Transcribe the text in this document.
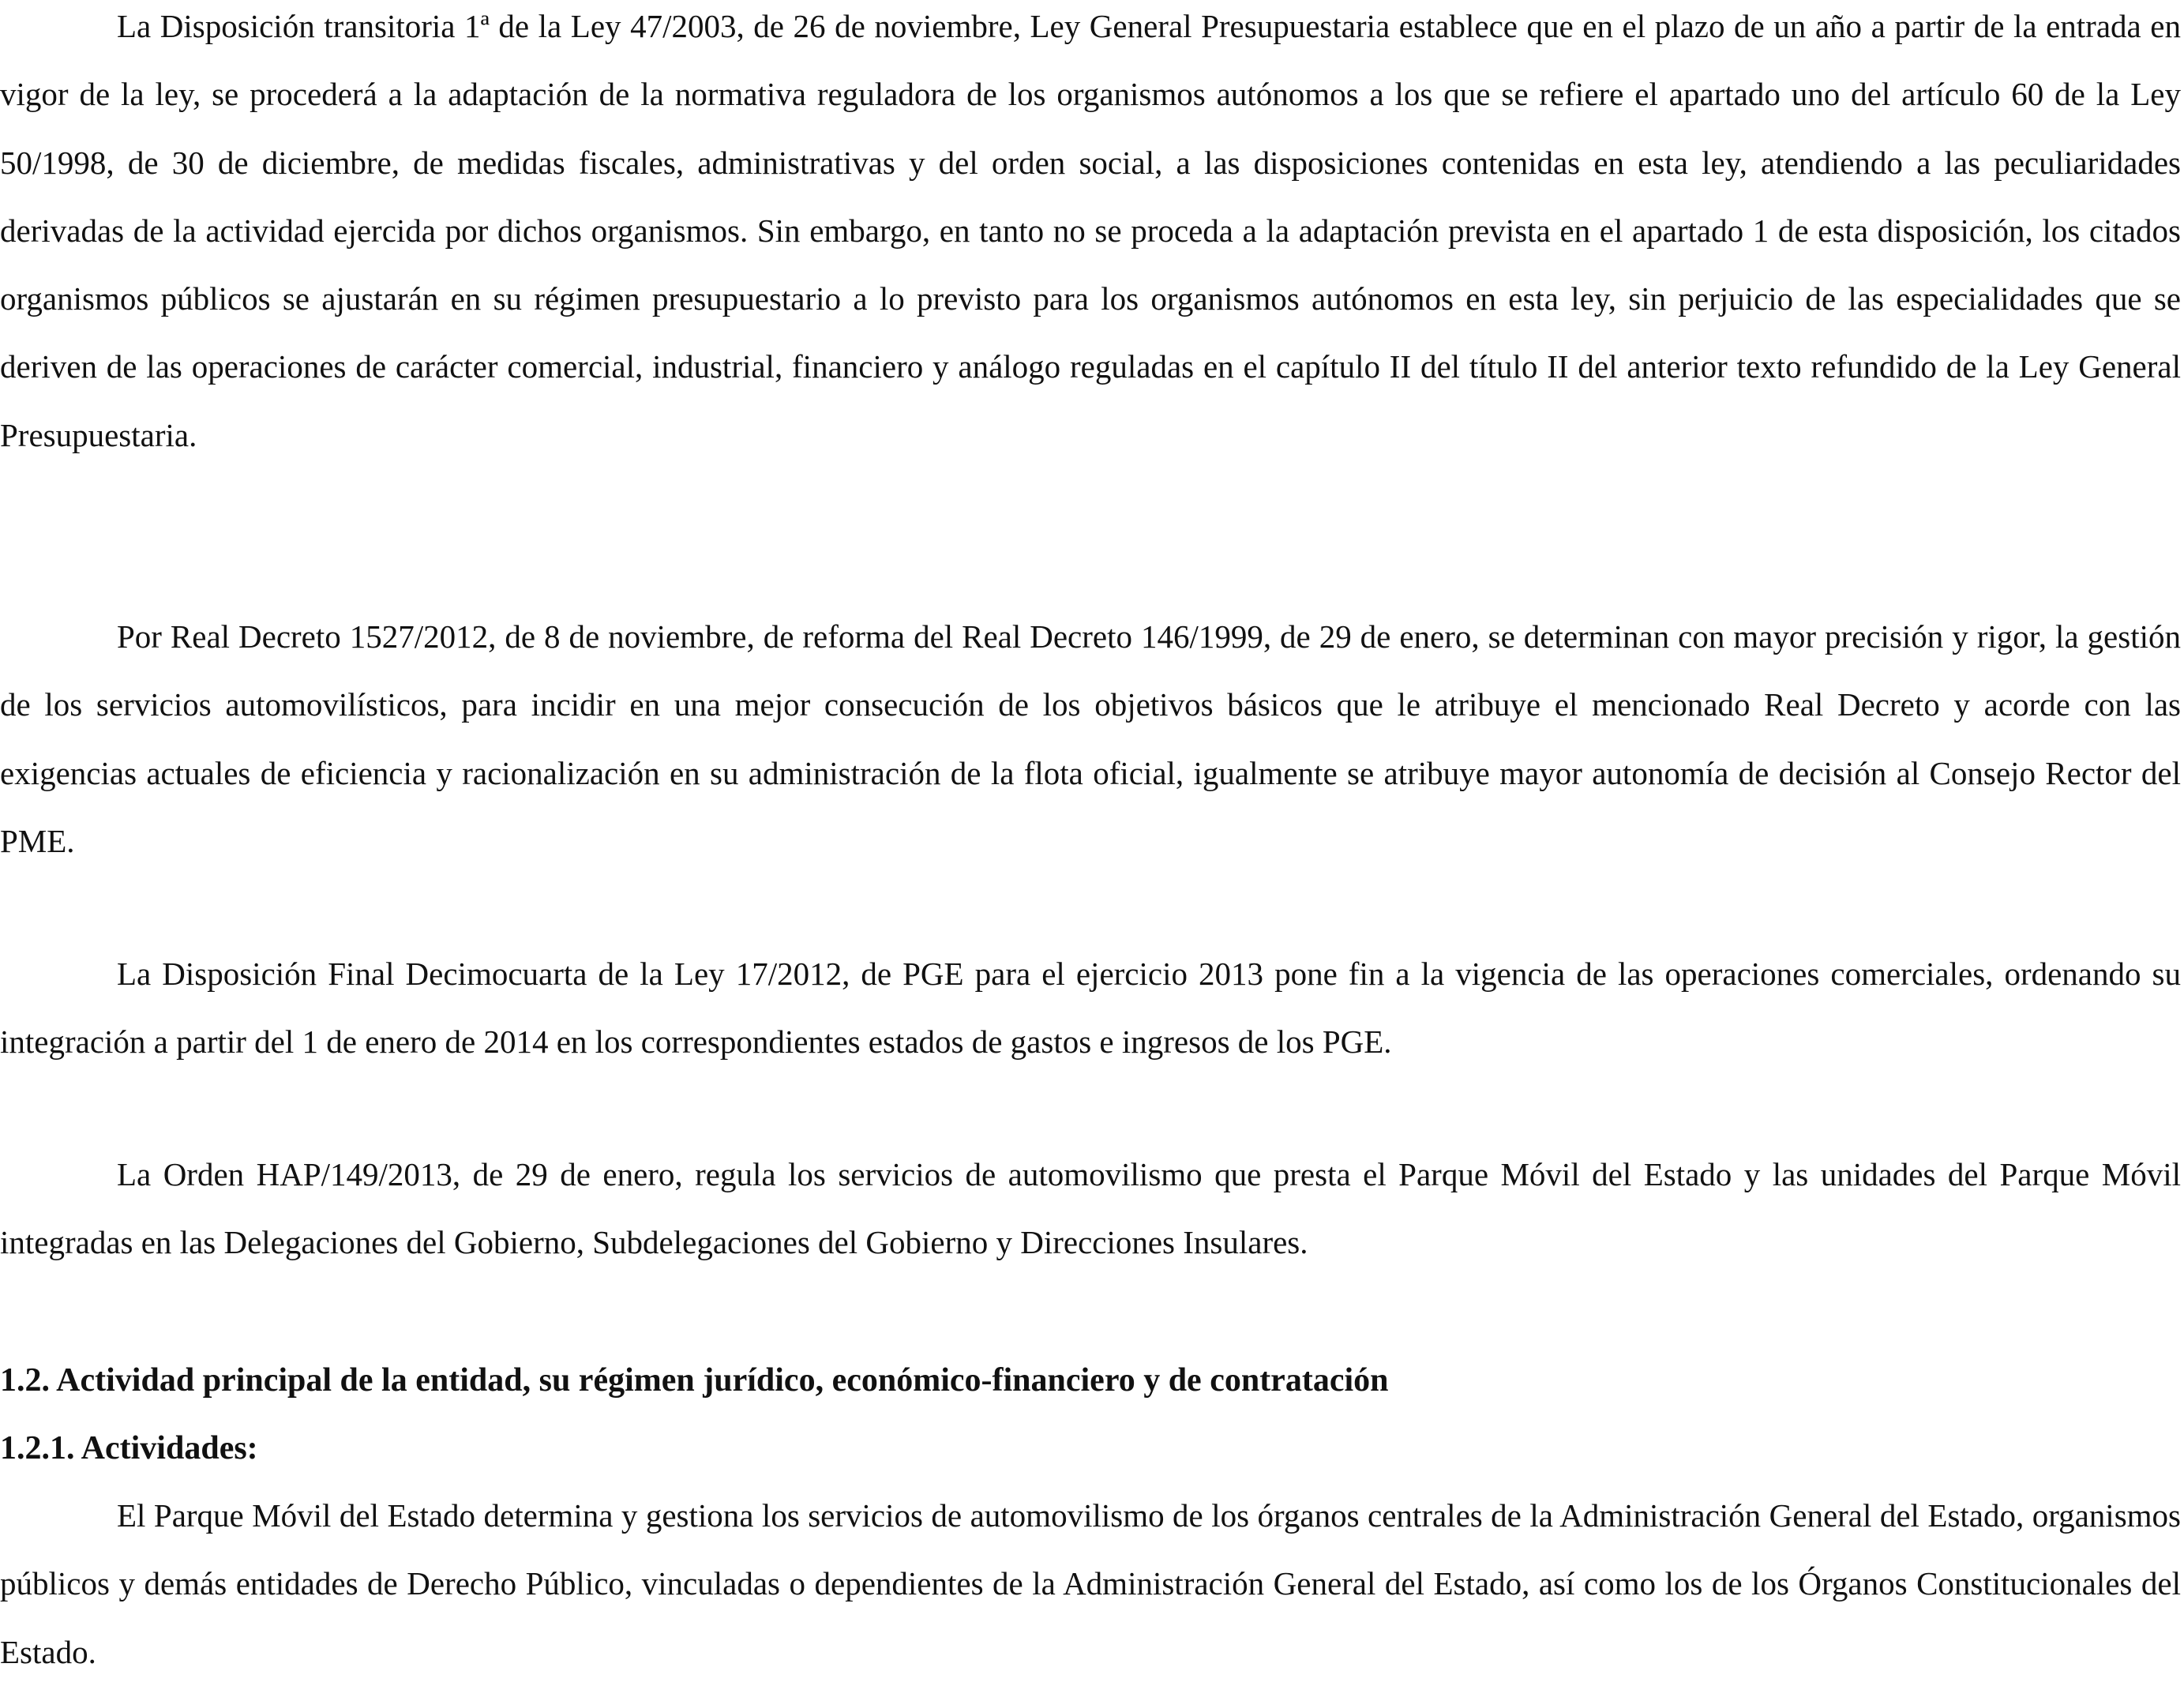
La Disposición transitoria 1ª de la Ley 47/2003, de 26 de noviembre, Ley General Presupuestaria establece que en el plazo de un año a partir de la entrada en vigor de la ley, se procederá a la adaptación de la normativa reguladora de los organismos autónomos a los que se refiere el apartado uno del artículo 60 de la Ley 50/1998, de 30 de diciembre, de medidas fiscales, administrativas y del orden social, a las disposiciones contenidas en esta ley, atendiendo a las peculiaridades derivadas de la actividad ejercida por dichos organismos. Sin embargo, en tanto no se proceda a la adaptación prevista en el apartado 1 de esta disposición, los citados organismos públicos se ajustarán en su régimen presupuestario a lo previsto para los organismos autónomos en esta ley, sin perjuicio de las especialidades que se deriven de las operaciones de carácter comercial, industrial, financiero y análogo reguladas en el capítulo II del título II del anterior texto refundido de la Ley General Presupuestaria.

Por Real Decreto 1527/2012, de 8 de noviembre, de reforma del Real Decreto 146/1999, de 29 de enero, se determinan con mayor precisión y rigor, la gestión de los servicios automovilísticos, para incidir en una mejor consecución de los objetivos básicos que le atribuye el mencionado Real Decreto y acorde con las exigencias actuales de eficiencia y racionalización en su administración de la flota oficial, igualmente se atribuye mayor autonomía de decisión al Consejo Rector del PME.

La Disposición Final Decimocuarta de la Ley 17/2012, de PGE para el ejercicio 2013 pone fin a la vigencia de las operaciones comerciales, ordenando su integración a partir del 1 de enero de 2014 en los correspondientes estados de gastos e ingresos de los PGE.

La Orden HAP/149/2013, de 29 de enero, regula los servicios de automovilismo que presta el Parque Móvil del Estado y las unidades del Parque Móvil integradas en las Delegaciones del Gobierno, Subdelegaciones del Gobierno y Direcciones Insulares.

1.2. Actividad principal de la entidad, su régimen jurídico, económico-financiero y de contratación
1.2.1. Actividades:

El Parque Móvil del Estado determina y gestiona los servicios de automovilismo de los órganos centrales de la Administración General del Estado, organismos públicos y demás entidades de Derecho Público, vinculadas o dependientes de la Administración General del Estado, así como los de los Órganos Constitucionales del Estado.
